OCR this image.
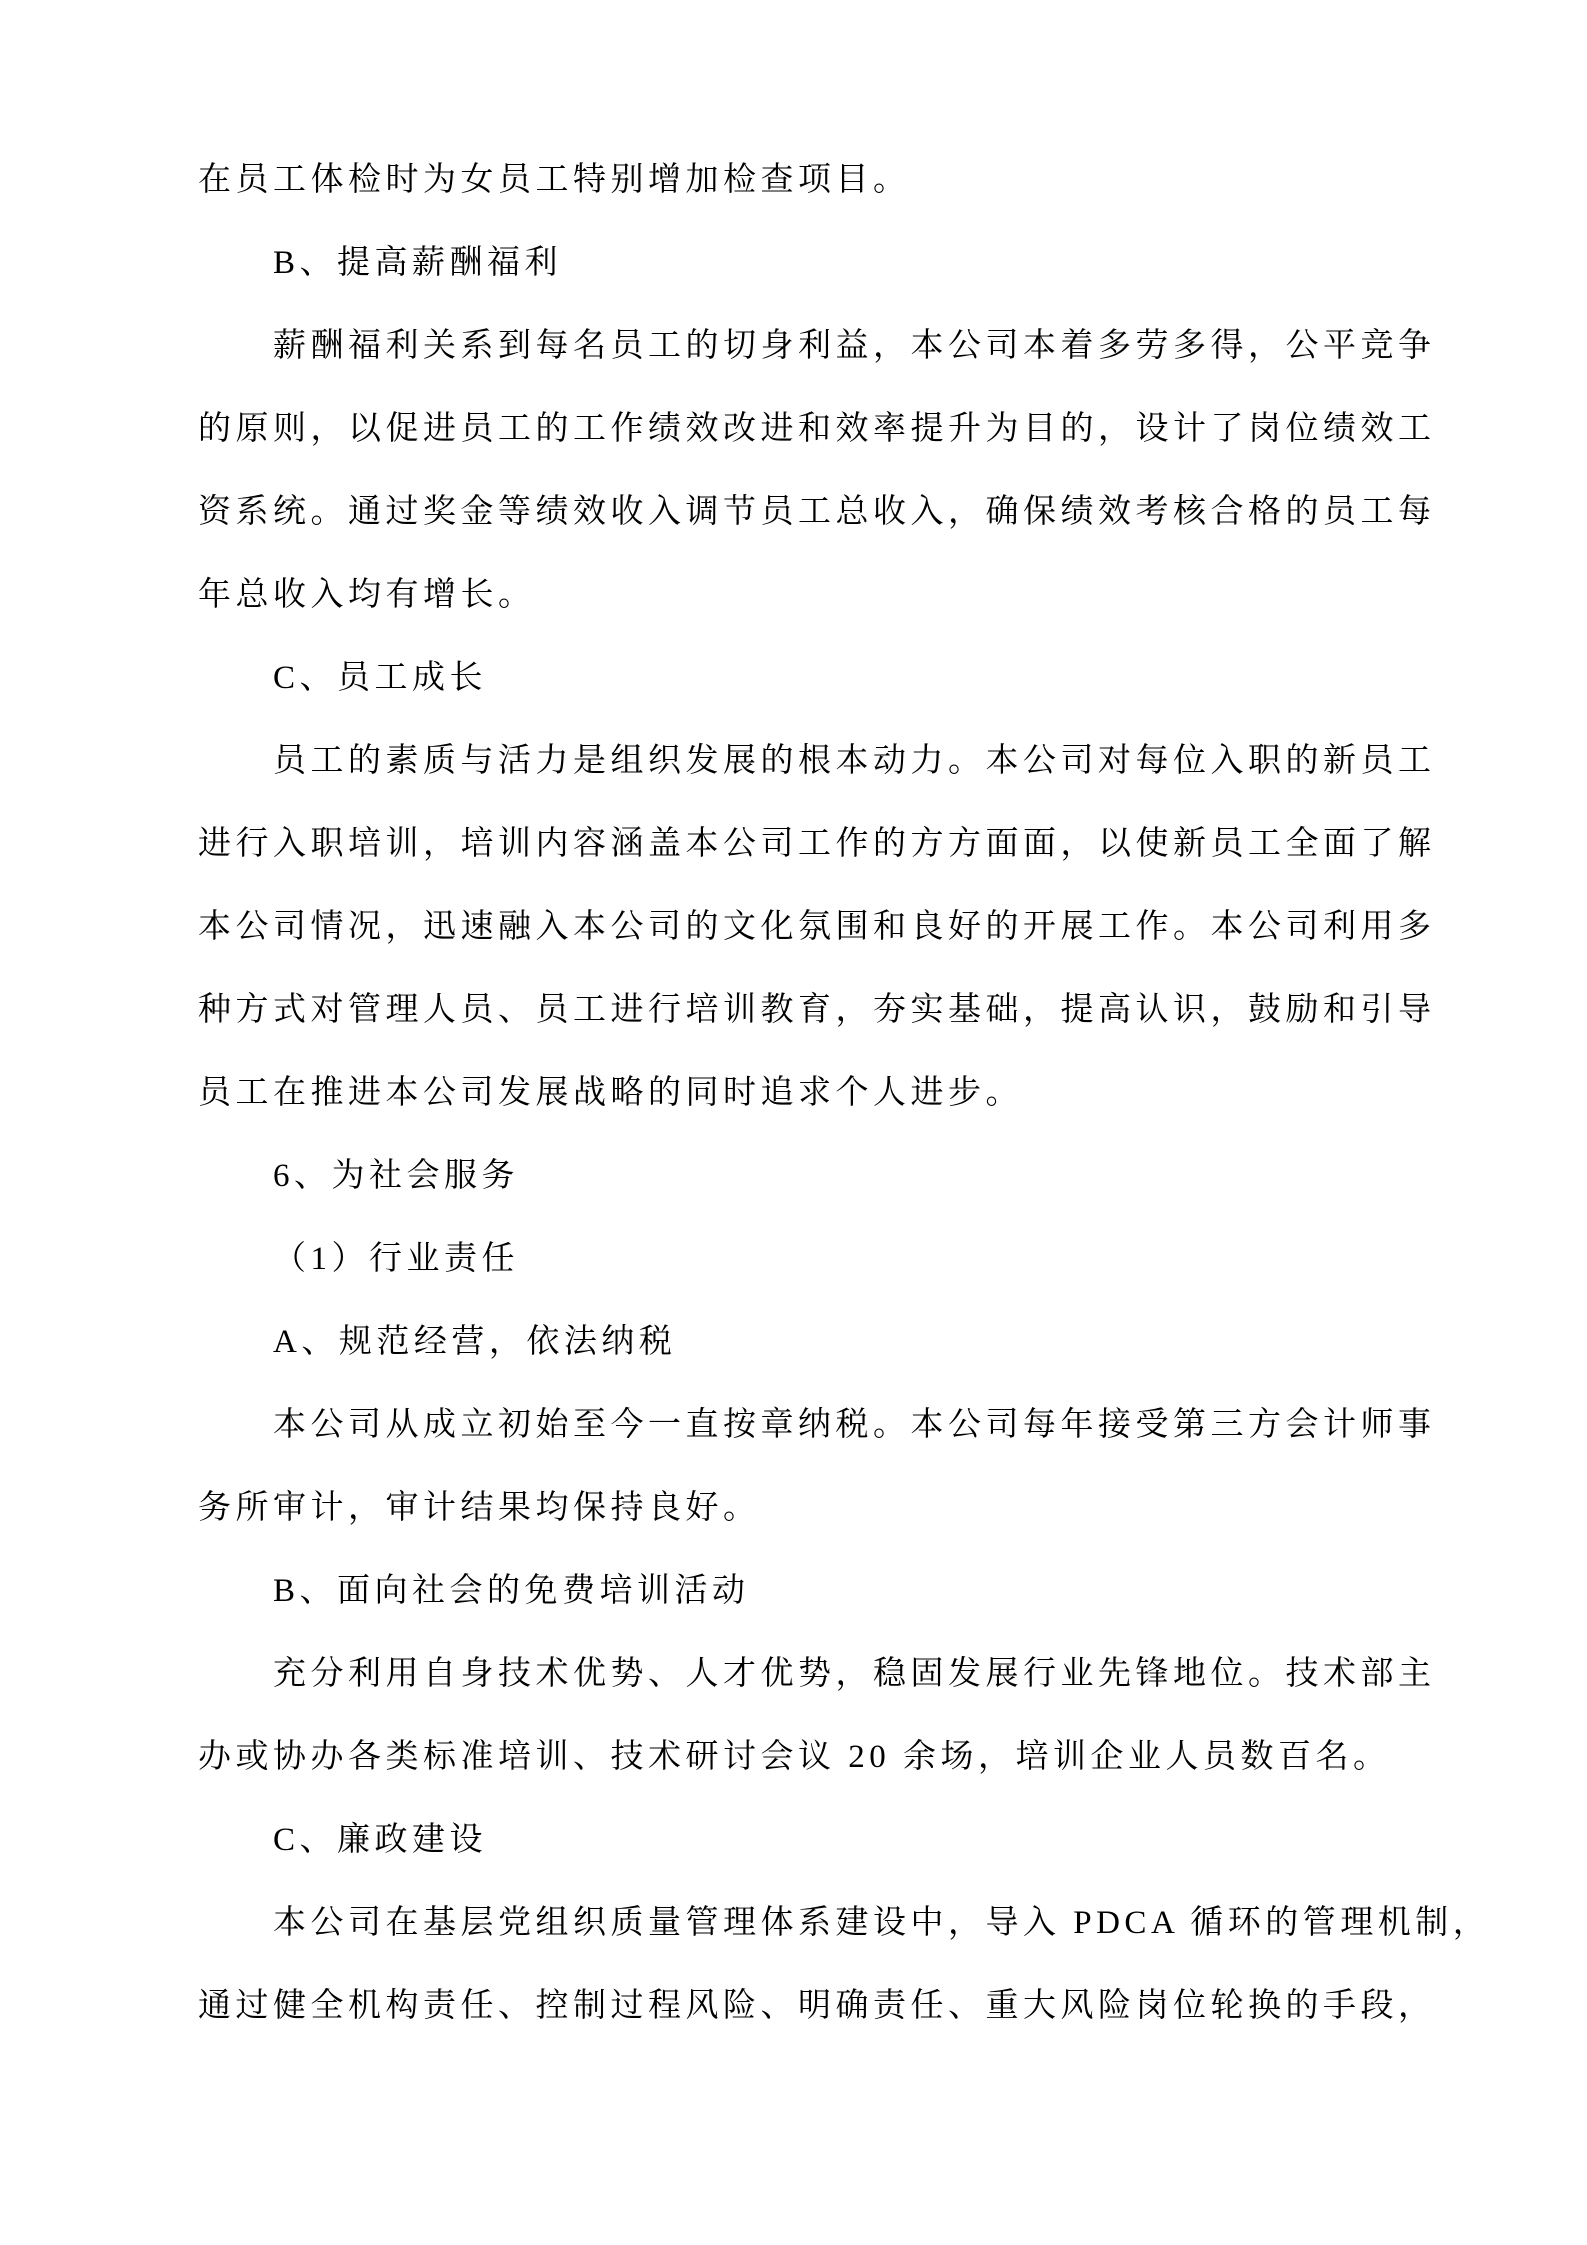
在员工体检时为女员工特别增加检查项目。
B、提高薪酬福利
薪酬福利关系到每名员工的切身利益，本公司本着多劳多得，公平竞争
的原则，以促进员工的工作绩效改进和效率提升为目的，设计了岗位绩效工
资系统。通过奖金等绩效收入调节员工总收入，确保绩效考核合格的员工每
年总收入均有增长。
C、员工成长
员工的素质与活力是组织发展的根本动力。本公司对每位入职的新员工
进行入职培训，培训内容涵盖本公司工作的方方面面，以使新员工全面了解
本公司情况，迅速融入本公司的文化氛围和良好的开展工作。本公司利用多
种方式对管理人员、员工进行培训教育，夯实基础，提高认识，鼓励和引导
员工在推进本公司发展战略的同时追求个人进步。
6、为社会服务
（1）行业责任
A、规范经营，依法纳税
本公司从成立初始至今一直按章纳税。本公司每年接受第三方会计师事
务所审计，审计结果均保持良好。
B、面向社会的免费培训活动
充分利用自身技术优势、人才优势，稳固发展行业先锋地位。技术部主
办或协办各类标准培训、技术研讨会议 20 余场，培训企业人员数百名。
C、廉政建设
本公司在基层党组织质量管理体系建设中，导入 PDCA 循环的管理机制，
通过健全机构责任、控制过程风险、明确责任、重大风险岗位轮换的手段，
